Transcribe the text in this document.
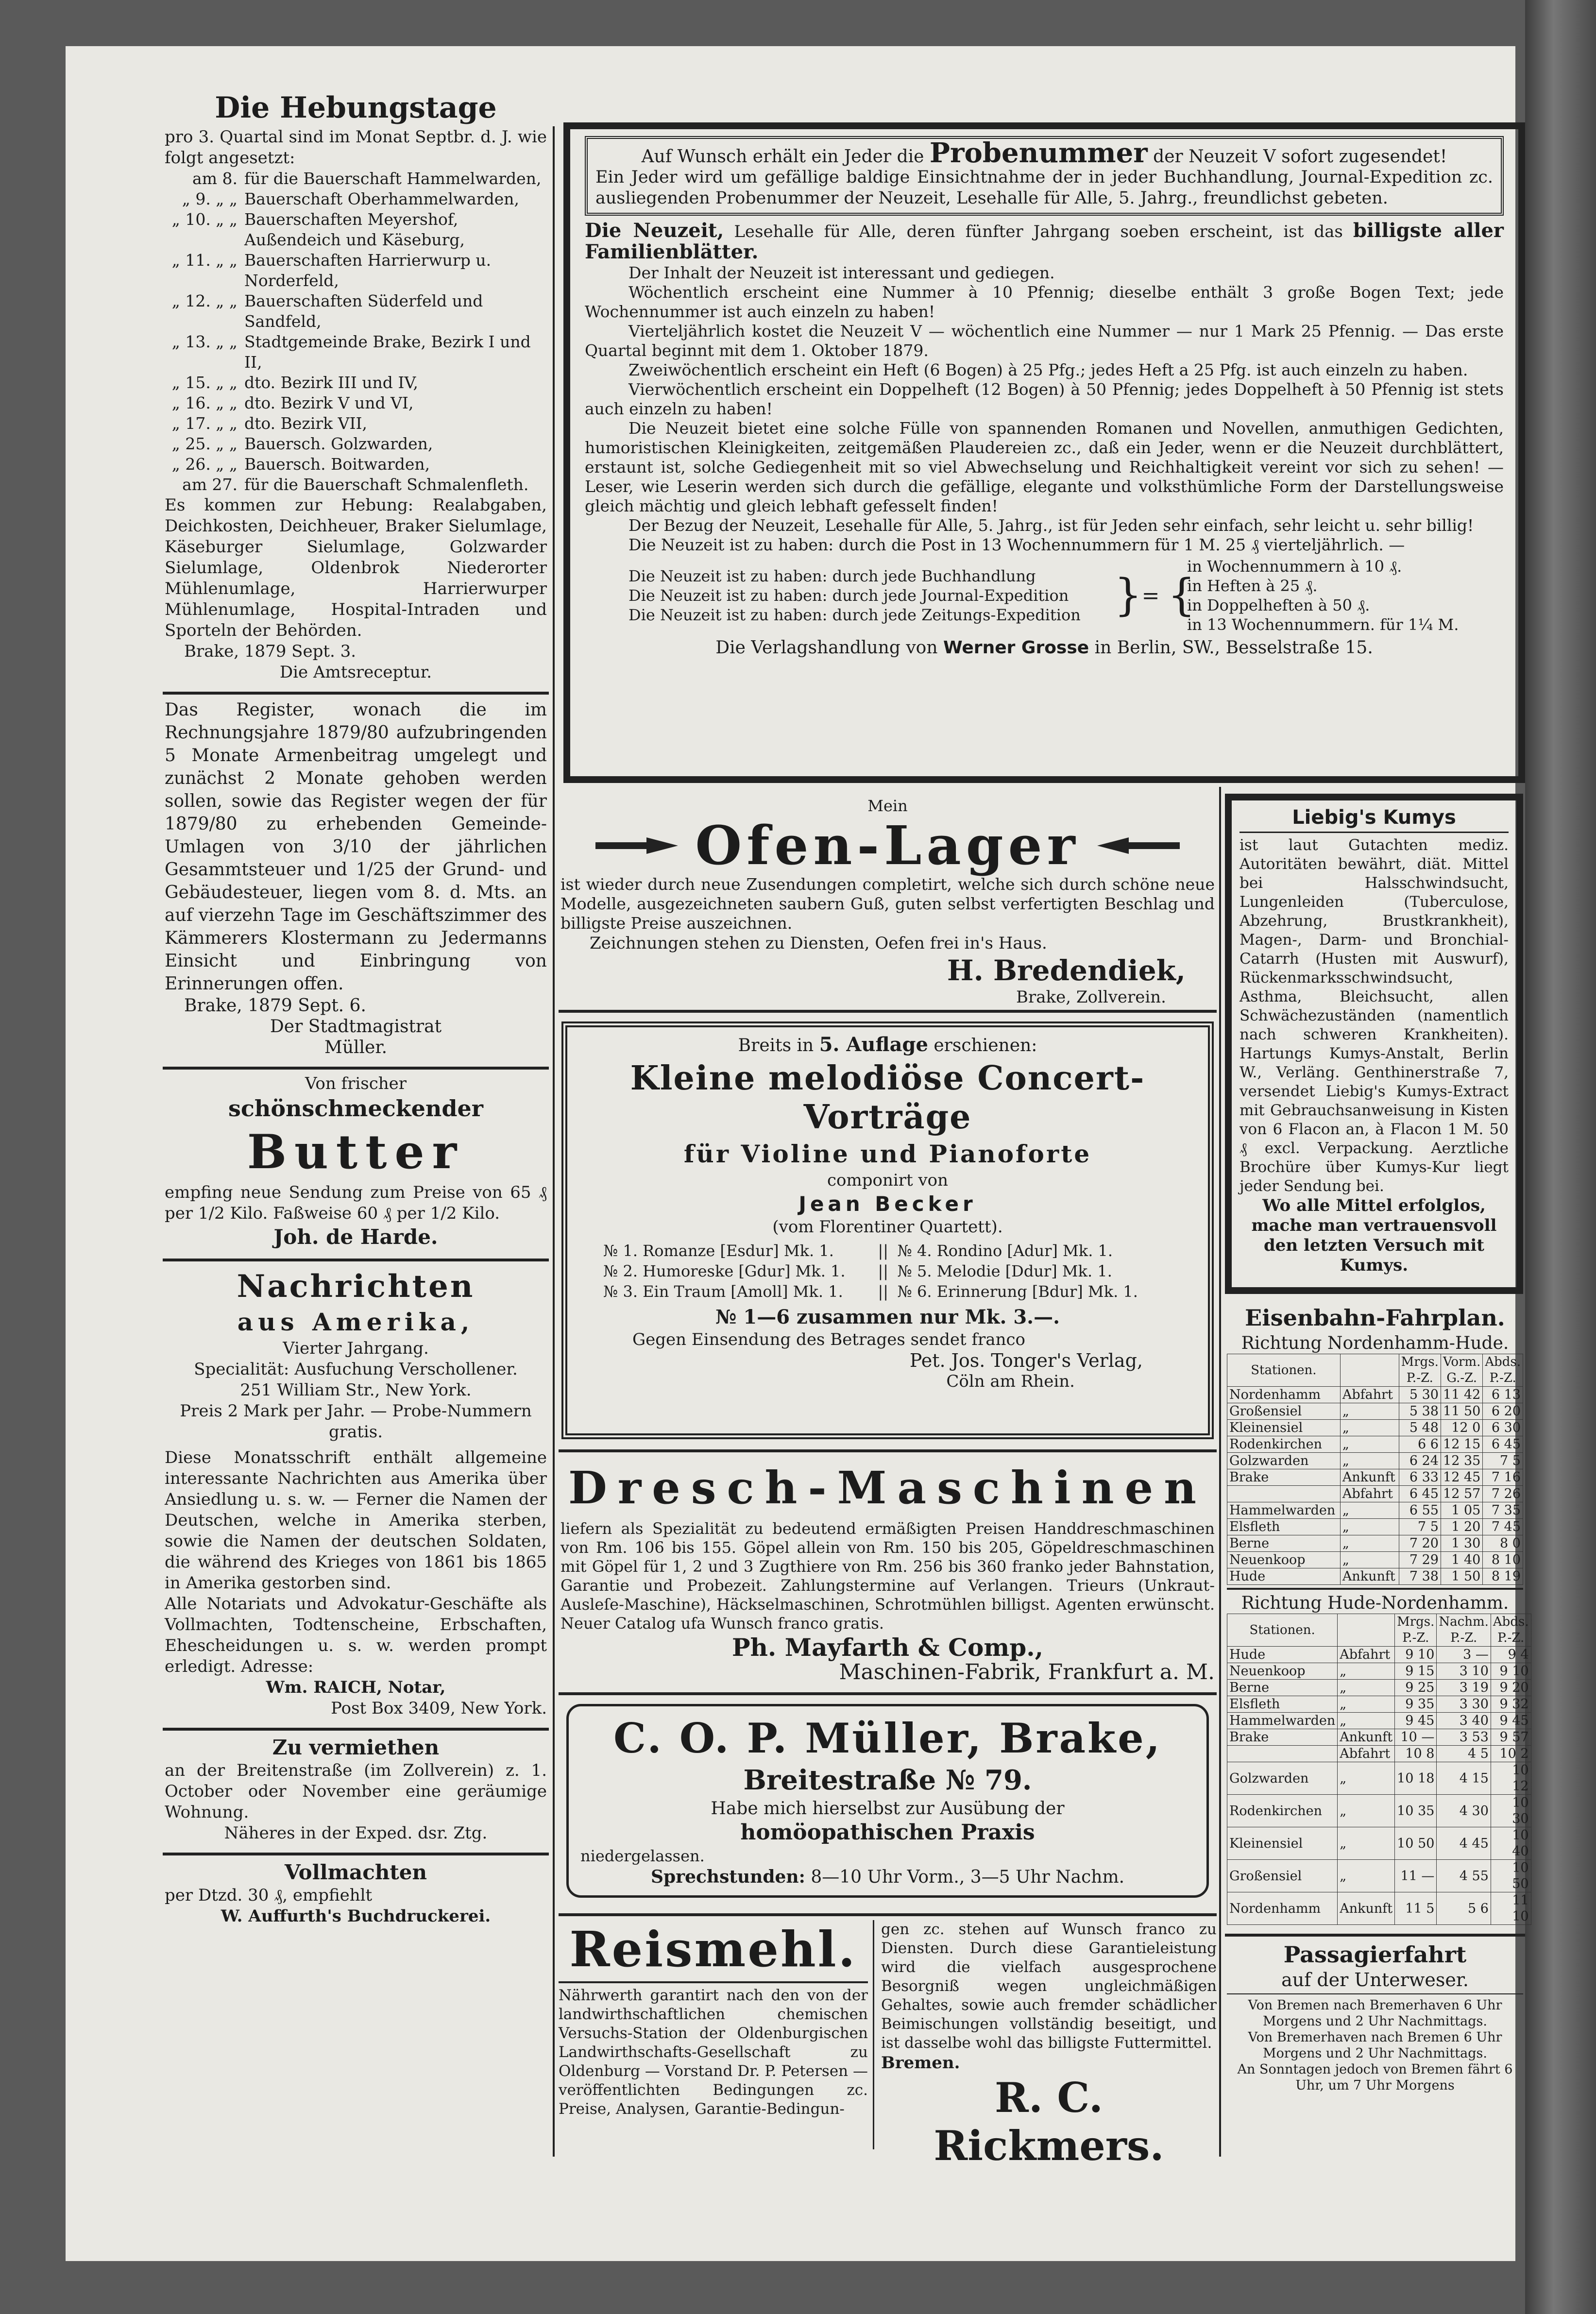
Die Hebungstage

pro 3. Quartal sind im Monat Septbr. d. J. wie folgt angesetzt:

am 8. für die Bauerschaft Hammelwarden,
„ 9. „ „ Bauerschaft Oberhammelwarden,
„ 10. „ „ Bauerschaften Meyershof, Außendeich und Käseburg,
„ 11. „ „ Bauerschaften Harrierwurp u. Norderfeld,
„ 12. „ „ Bauerschaften Süderfeld und Sandfeld,
„ 13. „ „ Stadtgemeinde Brake, Bezirk I und II,
„ 15. „ „ dto. Bezirk III und IV,
„ 16. „ „ dto. Bezirk V und VI,
„ 17. „ „ dto. Bezirk VII,
„ 25. „ „ Bauersch. Golzwarden,
„ 26. „ „ Bauersch. Boitwarden,
am 27. für die Bauerschaft Schmalenfleth.

Es kommen zur Hebung: Realabgaben, Deichkosten, Deichheuer, Braker Sielumlage, Käseburger Sielumlage, Golzwarder Sielumlage, Oldenbrok Niederorter Mühlenumlage, Harrierwurper Mühlenumlage, Hospital-Intraden und Sporteln der Behörden.

Brake, 1879 Sept. 3.

Die Amtsreceptur.

Das Register, wonach die im Rechnungsjahre 1879/80 aufzubringenden 5 Monate Armenbeitrag umgelegt und zunächst 2 Monate gehoben werden sollen, sowie das Register wegen der für 1879/80 zu erhebenden Gemeinde-Umlagen von 3/10 der jährlichen Gesammtsteuer und 1/25 der Grund- und Gebäudesteuer, liegen vom 8. d. Mts. an auf vierzehn Tage im Geschäftszimmer des Kämmerers Klostermann zu Jedermanns Einsicht und Einbringung von Erinnerungen offen.

Brake, 1879 Sept. 6.

Der Stadtmagistrat

Müller.

Von frischer

schönschmeckender

Butter

empfing neue Sendung zum Preise von 65 ₰ per 1/2 Kilo. Faßweise 60 ₰ per 1/2 Kilo.

Joh. de Harde.

Nachrichten

aus Amerika,

Vierter Jahrgang.

Specialität: Ausfuchung Verschollener.

251 William Str., New York.

Preis 2 Mark per Jahr. — Probe-Nummern gratis.

Diese Monatsschrift enthält allgemeine interessante Nachrichten aus Amerika über Ansiedlung u. s. w. — Ferner die Namen der Deutschen, welche in Amerika sterben, sowie die Namen der deutschen Soldaten, die während des Krieges von 1861 bis 1865 in Amerika gestorben sind.

Alle Notariats und Advokatur-Geschäfte als Vollmachten, Todtenscheine, Erbschaften, Ehescheidungen u. s. w. werden prompt erledigt. Adresse:

Wm. RAICH, Notar,

Post Box 3409, New York.

Zu vermiethen

an der Breitenstraße (im Zollverein) z. 1. October oder November eine geräumige Wohnung.

Näheres in der Exped. dsr. Ztg.

Vollmachten

per Dtzd. 30 ₰, empfiehlt

W. Auffurth's Buchdruckerei.

Auf Wunsch erhält ein Jeder die Probenummer der Neuzeit V sofort zugesendet!

Ein Jeder wird um gefällige baldige Einsichtnahme der in jeder Buchhandlung, Journal-Expedition zc. ausliegenden Probenummer der Neuzeit, Lesehalle für Alle, 5. Jahrg., freundlichst gebeten.

Die Neuzeit, Lesehalle für Alle, deren fünfter Jahrgang soeben erscheint, ist das billigste aller Familienblätter.

Der Inhalt der Neuzeit ist interessant und gediegen.

Wöchentlich erscheint eine Nummer à 10 Pfennig; dieselbe enthält 3 große Bogen Text; jede Wochennummer ist auch einzeln zu haben!

Vierteljährlich kostet die Neuzeit V — wöchentlich eine Nummer — nur 1 Mark 25 Pfennig. — Das erste Quartal beginnt mit dem 1. Oktober 1879.

Zweiwöchentlich erscheint ein Heft (6 Bogen) à 25 Pfg.; jedes Heft a 25 Pfg. ist auch einzeln zu haben.

Vierwöchentlich erscheint ein Doppelheft (12 Bogen) à 50 Pfennig; jedes Doppelheft à 50 Pfennig ist stets auch einzeln zu haben!

Die Neuzeit bietet eine solche Fülle von spannenden Romanen und Novellen, anmuthigen Gedichten, humoristischen Kleinigkeiten, zeitgemäßen Plaudereien zc., daß ein Jeder, wenn er die Neuzeit durchblättert, erstaunt ist, solche Gediegenheit mit so viel Abwechselung und Reichhaltigkeit vereint vor sich zu sehen! — Leser, wie Leserin werden sich durch die gefällige, elegante und volksthümliche Form der Darstellungsweise gleich mächtig und gleich lebhaft gefesselt finden!

Der Bezug der Neuzeit, Lesehalle für Alle, 5. Jahrg., ist für Jeden sehr einfach, sehr leicht u. sehr billig!

Die Neuzeit ist zu haben: durch die Post in 13 Wochennummern für 1 M. 25 ₰ vierteljährlich. —

Die Neuzeit ist zu haben: durch jede Buchhandlung

Die Neuzeit ist zu haben: durch jede Journal-Expedition

Die Neuzeit ist zu haben: durch jede Zeitungs-Expedition } = {

in Wochennummern à 10 ₰.

in Heften à 25 ₰.

in Doppelheften à 50 ₰.

in 13 Wochennummern. für 1¼ M.

Die Verlagshandlung von Werner Grosse in Berlin, SW., Besselstraße 15.

Mein

Ofen-Lager

ist wieder durch neue Zusendungen completirt, welche sich durch schöne neue Modelle, ausgezeichneten saubern Guß, guten selbst verfertigten Beschlag und billigste Preise auszeichnen.

Zeichnungen stehen zu Diensten, Oefen frei in's Haus.

H. Bredendiek,

Brake, Zollverein.

Breits in 5. Auflage erschienen:

Kleine melodiöse Concert-Vorträge

für Violine und Pianoforte

componirt von

Jean Becker

(vom Florentiner Quartett).

№ 1. Romanze [Esdur] Mk. 1.	|| № 4. Rondino [Adur] Mk. 1.
№ 2. Humoreske [Gdur] Mk. 1.	|| № 5. Melodie [Ddur] Mk. 1.
№ 3. Ein Traum [Amoll] Mk. 1.	|| № 6. Erinnerung [Bdur] Mk. 1.

№ 1—6 zusammen nur Mk. 3.—.

Gegen Einsendung des Betrages sendet franco

Pet. Jos. Tonger's Verlag,

Cöln am Rhein.

Dresch-Maschinen

liefern als Spezialität zu bedeutend ermäßigten Preisen Handdreschmaschinen von Rm. 106 bis 155. Göpel allein von Rm. 150 bis 205, Göpeldreschmaschinen mit Göpel für 1, 2 und 3 Zugthiere von Rm. 256 bis 360 franko jeder Bahnstation, Garantie und Probezeit. Zahlungstermine auf Verlangen. Trieurs (Unkraut-Ausleſe-Maschine), Häckselmaschinen, Schrotmühlen billigst. Agenten erwünscht. Neuer Catalog ufa Wunsch franco gratis.

Ph. Mayfarth & Comp.,

Maschinen-Fabrik, Frankfurt a. M.

C. O. P. Müller, Brake,

Breitestraße № 79.

Habe mich hierselbst zur Ausübung der

homöopathischen Praxis

niedergelassen.

Sprechstunden: 8—10 Uhr Vorm., 3—5 Uhr Nachm.

Reismehl.

Nährwerth garantirt nach den von der landwirthschaftlichen chemischen Versuchs-Station der Oldenburgischen Landwirthschafts-Gesellschaft zu Oldenburg — Vorstand Dr. P. Petersen — veröffentlichten Bedingungen zc. Preise, Analysen, Garantie-Bedingun-

gen zc. stehen auf Wunsch franco zu Diensten. Durch diese Garantieleistung wird die vielfach ausgesprochene Besorgniß wegen ungleichmäßigen Gehaltes, sowie auch fremder schädlicher Beimischungen vollständig beseitigt, und ist dasselbe wohl das billigste Futtermittel.

Bremen.

R. C. Rickmers.

Liebig's Kumys

ist laut Gutachten mediz. Autoritäten bewährt, diät. Mittel bei Halsschwindsucht, Lungenleiden (Tuberculose, Abzehrung, Brustkrankheit), Magen-, Darm- und Bronchial-Catarrh (Husten mit Auswurf), Rückenmarksschwindsucht, Asthma, Bleichsucht, allen Schwächezuständen (namentlich nach schweren Krankheiten). Hartungs Kumys-Anstalt, Berlin W., Verläng. Genthinerstraße 7, versendet Liebig's Kumys-Extract mit Gebrauchsanweisung in Kisten von 6 Flacon an, à Flacon 1 M. 50 ₰ excl. Verpackung. Aerztliche Brochüre über Kumys-Kur liegt jeder Sendung bei.

Wo alle Mittel erfolglos, mache man vertrauensvoll den letzten Versuch mit Kumys.

Eisenbahn-Fahrplan.

Richtung Nordenhamm-Hude.

Stationen.		Mrgs. P.-Z.	Vorm. G.-Z.	Abds. P.-Z.
Nordenhamm	Abfahrt	5 30	11 42	6 13
Großensiel	„	5 38	11 50	6 20
Kleinensiel	„	5 48	12 0	6 30
Rodenkirchen	„	6 6	12 15	6 45
Golzwarden	„	6 24	12 35	7 5
Brake	Ankunft	6 33	12 45	7 16
	Abfahrt	6 45	12 57	7 26
Hammelwarden	„	6 55	1 05	7 35
Elsfleth	„	7 5	1 20	7 45
Berne	„	7 20	1 30	8 0
Neuenkoop	„	7 29	1 40	8 10
Hude	Ankunft	7 38	1 50	8 19

Richtung Hude-Nordenhamm.

Stationen.		Mrgs. P.-Z.	Nachm. P.-Z.	Abds. P.-Z.
Hude	Abfahrt	9 10	3 —	9 4
Neuenkoop	„	9 15	3 10	9 10
Berne	„	9 25	3 19	9 20
Elsfleth	„	9 35	3 30	9 32
Hammelwarden	„	9 45	3 40	9 45
Brake	Ankunft	10 —	3 53	9 57
	Abfahrt	10 8	4 5	10 2
Golzwarden	„	10 18	4 15	10 12
Rodenkirchen	„	10 35	4 30	10 30
Kleinensiel	„	10 50	4 45	10 40
Großensiel	„	11 —	4 55	10 50
Nordenhamm	Ankunft	11 5	5 6	11 10

Passagierfahrt

auf der Unterweser.

Von Bremen nach Bremerhaven 6 Uhr Morgens und 2 Uhr Nachmittags.

Von Bremerhaven nach Bremen 6 Uhr Morgens und 2 Uhr Nachmittags.

An Sonntagen jedoch von Bremen fährt 6 Uhr, um 7 Uhr Morgens
